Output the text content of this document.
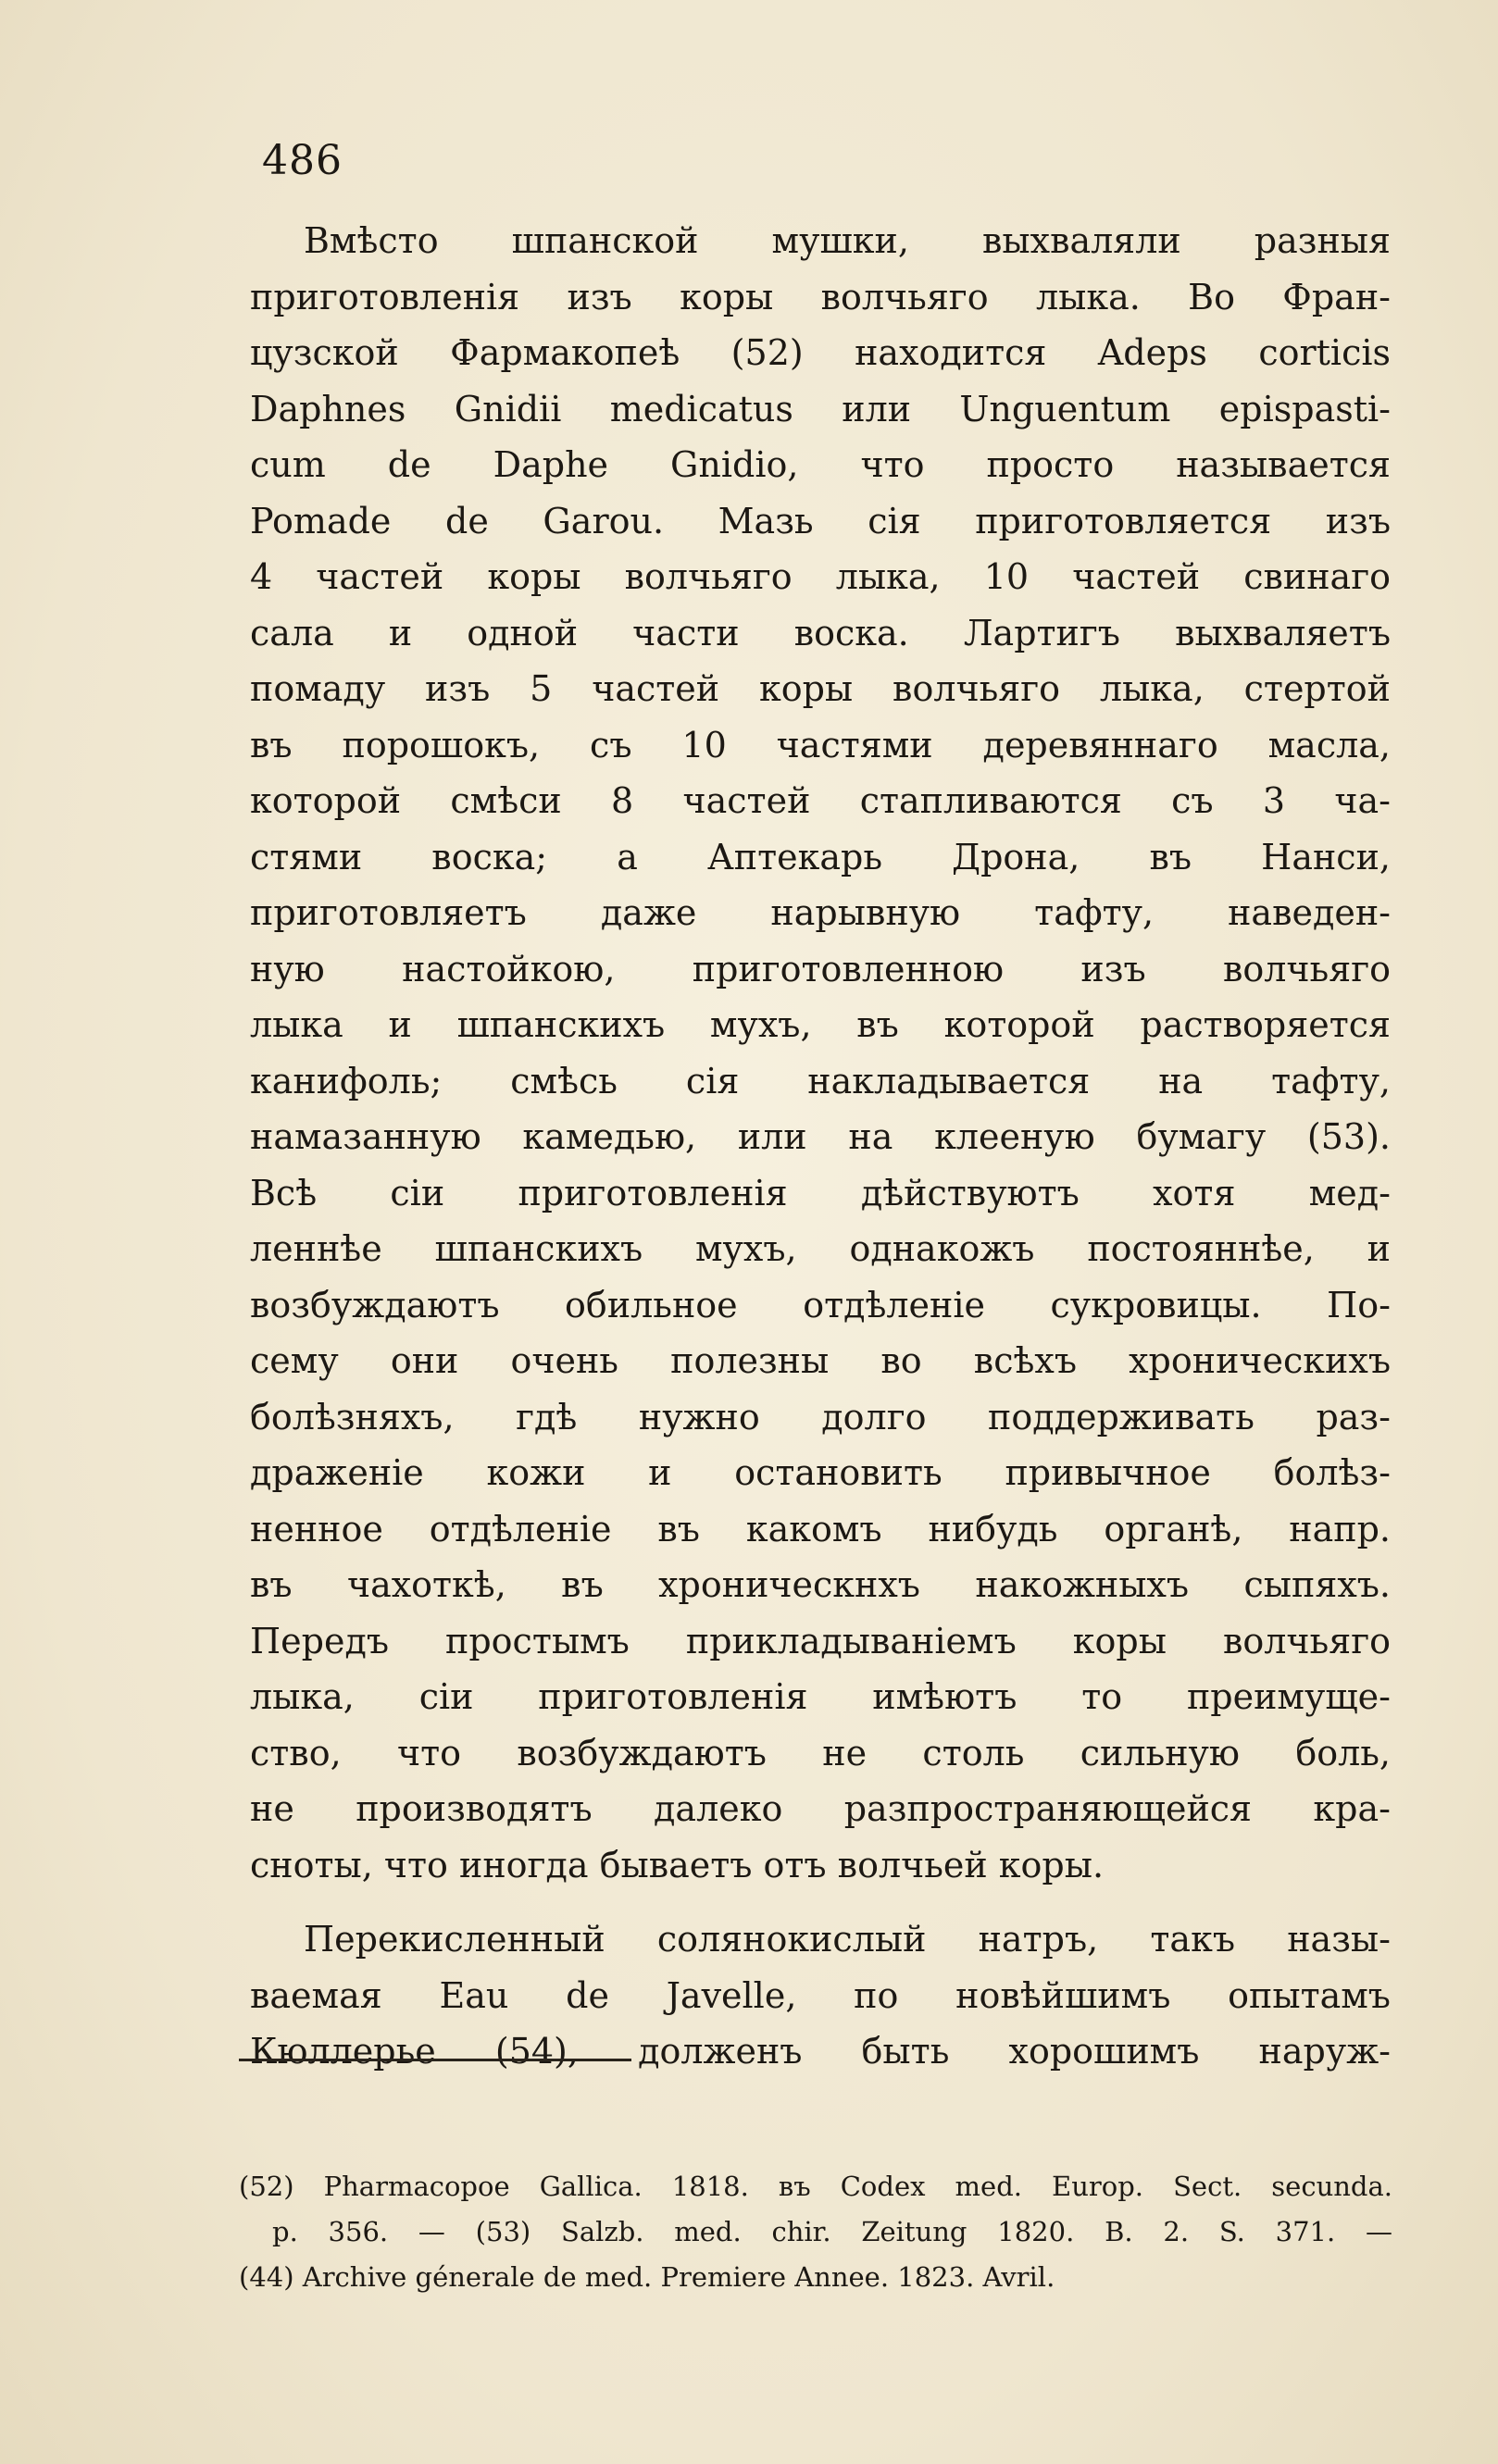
486
Вмѣсто шпанской мушки, выхваляли разныя
приготовленія изъ коры волчьяго лыка. Во Фран-
цузской Фармакопеѣ (52) находится Adeps corticis
Daphnes Gnidii medicatus или Unguentum epispasti-
cum de Daphe Gnidio, что просто называется
Pomade de Garou. Мазь сія приготовляется изъ
4 частей коры волчьяго лыка, 10 частей свинаго
сала и одной части воска. Лартигъ выхваляетъ
помаду изъ 5 частей коры волчьяго лыка, стертой
въ порошокъ, съ 10 частями деревяннаго масла,
которой смѣси 8 частей стапливаются съ 3 ча-
стями воска; а Аптекарь Дрона, въ Нанси,
приготовляетъ даже нарывную тафту, наведен-
ную настойкою, приготовленною изъ волчьяго
лыка и шпанскихъ мухъ, въ которой растворяется
канифоль; смѣсь сія накладывается на тафту,
намазанную камедью, или на клееную бумагу (53).
Всѣ сіи приготовленія дѣйствуютъ хотя мед-
леннѣе шпанскихъ мухъ, однакожъ постояннѣе, и
возбуждаютъ обильное отдѣленіе сукровицы. По-
сему они очень полезны во всѣхъ хроническихъ
болѣзняхъ, гдѣ нужно долго поддерживать раз-
драженіе кожи и остановить привычное болѣз-
ненное отдѣленіе въ какомъ нибудь органѣ, напр.
въ чахоткѣ, въ хроническнхъ накожныхъ сыпяхъ.
Передъ простымъ прикладываніемъ коры волчьяго
лыка, сіи приготовленія имѣютъ то преимуще-
ство, что возбуждаютъ не столь сильную боль,
не производятъ далеко разпространяющейся кра-
сноты, что иногда бываетъ отъ волчьей коры.
Перекисленный солянокислый натръ, такъ назы-
ваемая Eau de Javelle, по новѣйшимъ опытамъ
Кюллерье (54), долженъ быть хорошимъ наруж-
(52) Pharmacopoe Gallica. 1818. въ Codex med. Europ. Sect. secunda.
p. 356. — (53) Salzb. med. chir. Zeitung 1820. B. 2. S. 371. —
(44) Archive génerale de med. Premiere Annee. 1823. Avril.
